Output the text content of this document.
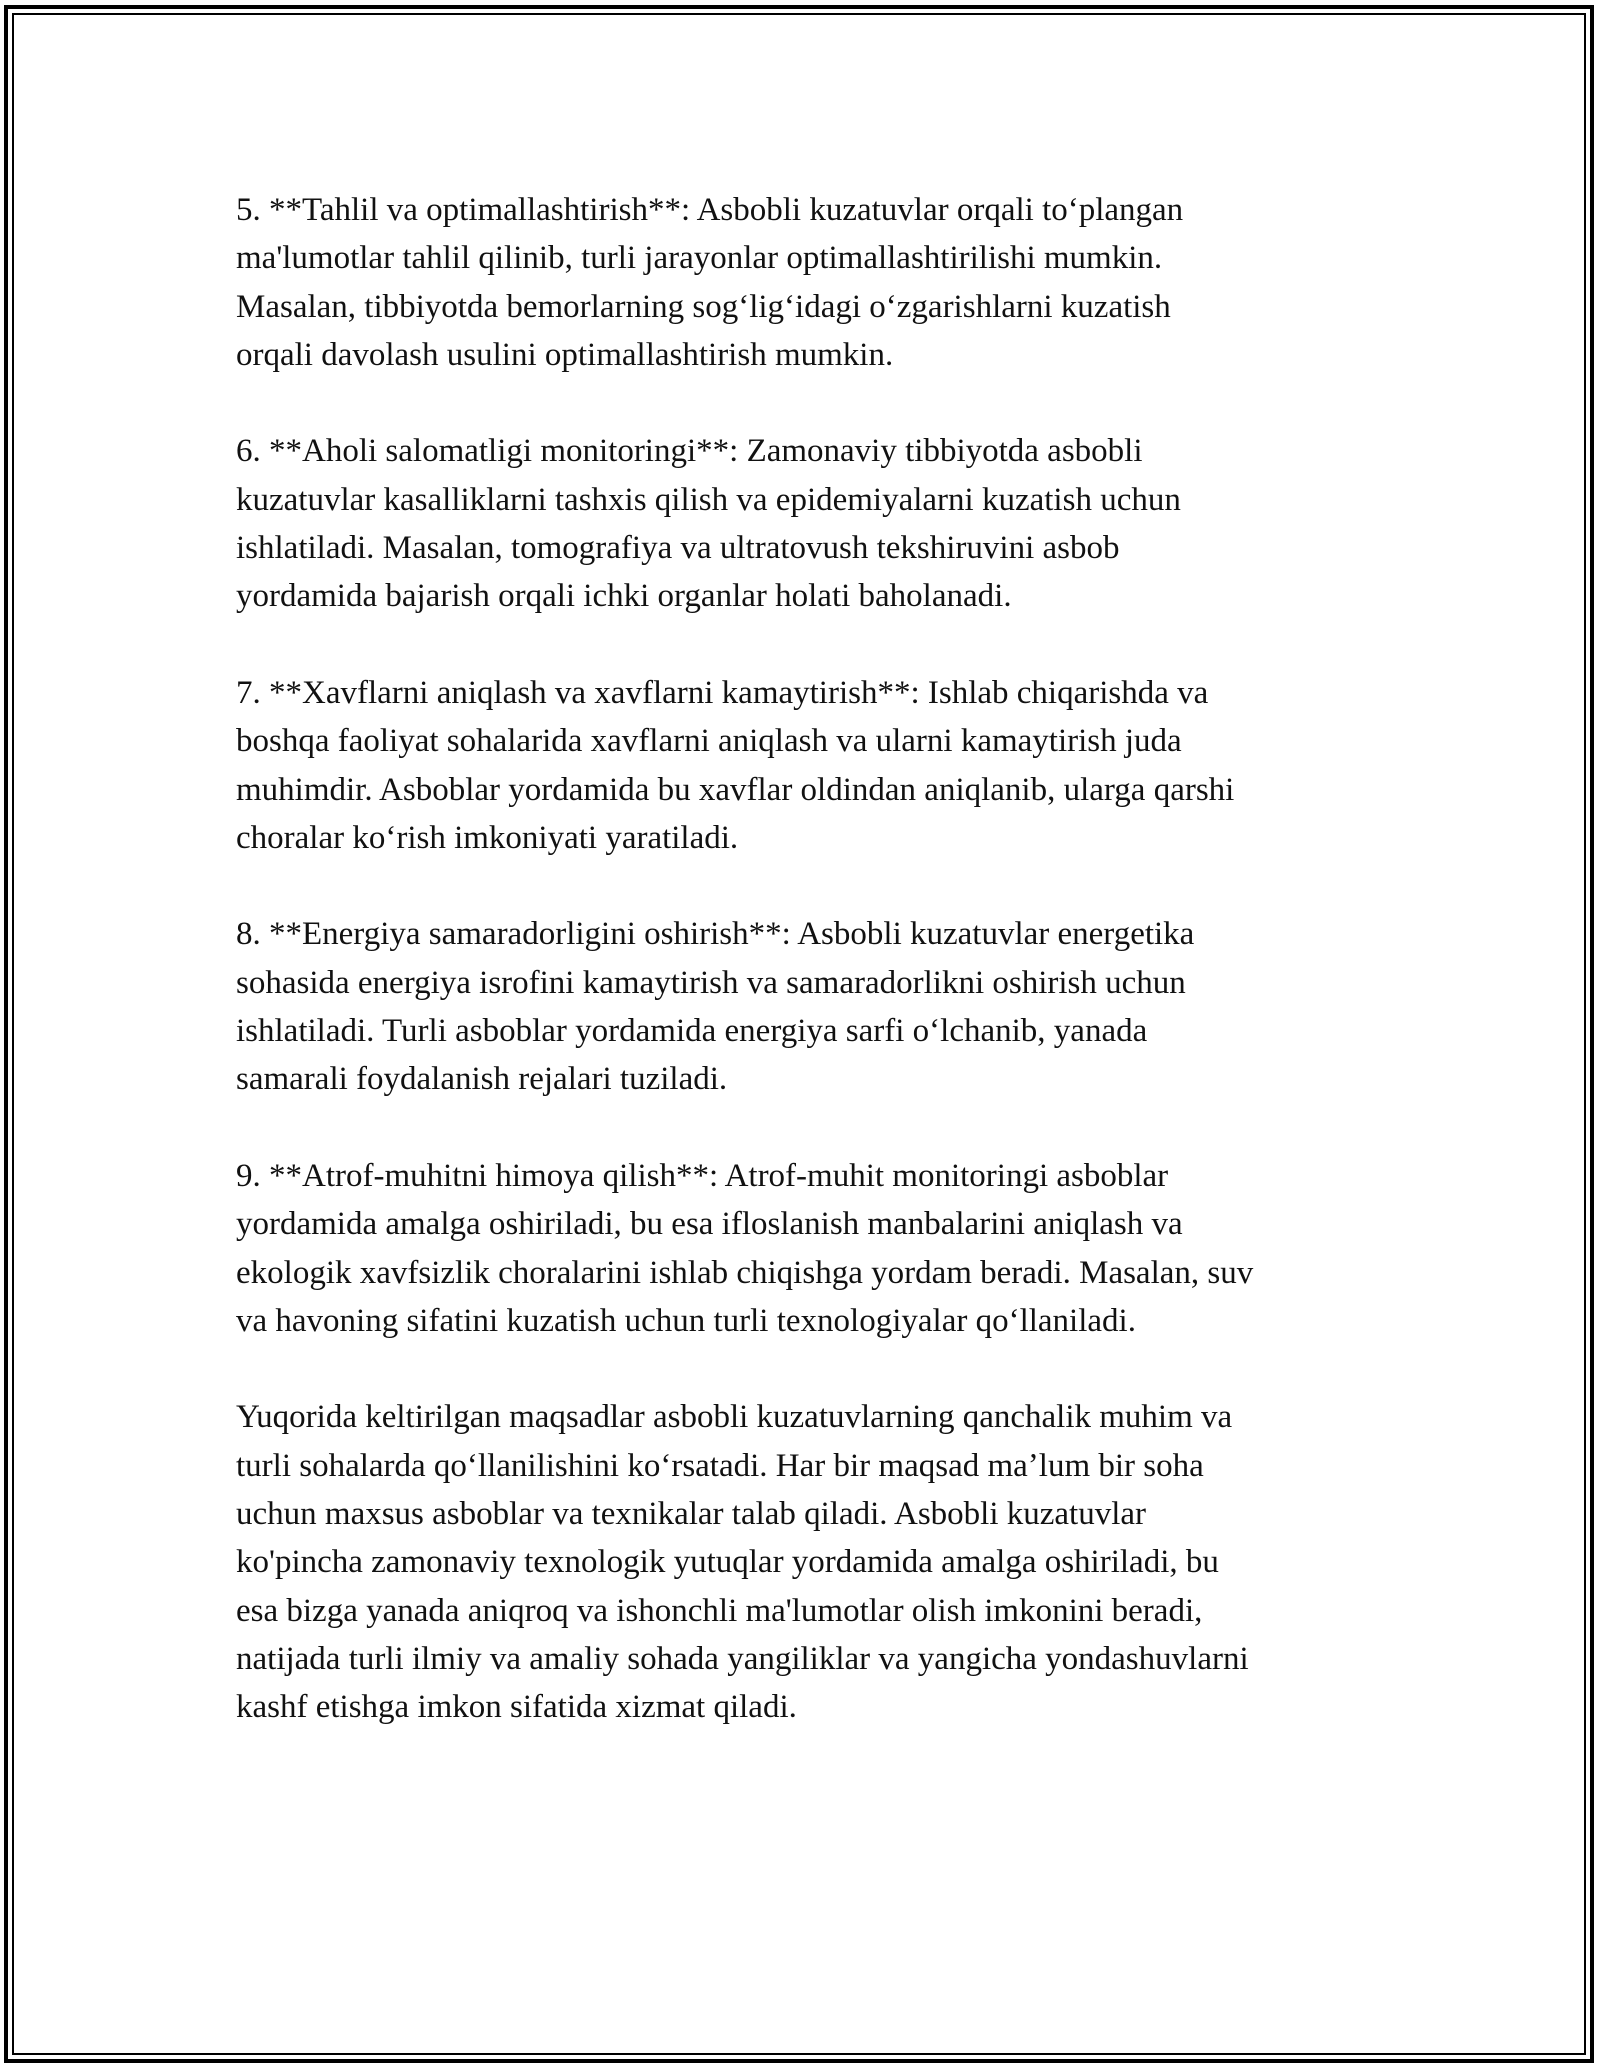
5. **Tahlil va optimallashtirish**: Asbobli kuzatuvlar orqali toʻplangan
ma'lumotlar tahlil qilinib, turli jarayonlar optimallashtirilishi mumkin.
Masalan, tibbiyotda bemorlarning sogʻligʻidagi oʻzgarishlarni kuzatish
orqali davolash usulini optimallashtirish mumkin.

6. **Aholi salomatligi monitoringi**: Zamonaviy tibbiyotda asbobli
kuzatuvlar kasalliklarni tashxis qilish va epidemiyalarni kuzatish uchun
ishlatiladi. Masalan, tomografiya va ultratovush tekshiruvini asbob
yordamida bajarish orqali ichki organlar holati baholanadi.

7. **Xavflarni aniqlash va xavflarni kamaytirish**: Ishlab chiqarishda va
boshqa faoliyat sohalarida xavflarni aniqlash va ularni kamaytirish juda
muhimdir. Asboblar yordamida bu xavflar oldindan aniqlanib, ularga qarshi
choralar koʻrish imkoniyati yaratiladi.

8. **Energiya samaradorligini oshirish**: Asbobli kuzatuvlar energetika
sohasida energiya isrofini kamaytirish va samaradorlikni oshirish uchun
ishlatiladi. Turli asboblar yordamida energiya sarfi oʻlchanib, yanada
samarali foydalanish rejalari tuziladi.

9. **Atrof-muhitni himoya qilish**: Atrof-muhit monitoringi asboblar
yordamida amalga oshiriladi, bu esa ifloslanish manbalarini aniqlash va
ekologik xavfsizlik choralarini ishlab chiqishga yordam beradi. Masalan, suv
va havoning sifatini kuzatish uchun turli texnologiyalar qoʻllaniladi.

Yuqorida keltirilgan maqsadlar asbobli kuzatuvlarning qanchalik muhim va
turli sohalarda qoʻllanilishini koʻrsatadi. Har bir maqsad maʼlum bir soha
uchun maxsus asboblar va texnikalar talab qiladi. Asbobli kuzatuvlar
ko'pincha zamonaviy texnologik yutuqlar yordamida amalga oshiriladi, bu
esa bizga yanada aniqroq va ishonchli ma'lumotlar olish imkonini beradi,
natijada turli ilmiy va amaliy sohada yangiliklar va yangicha yondashuvlarni
kashf etishga imkon sifatida xizmat qiladi.
